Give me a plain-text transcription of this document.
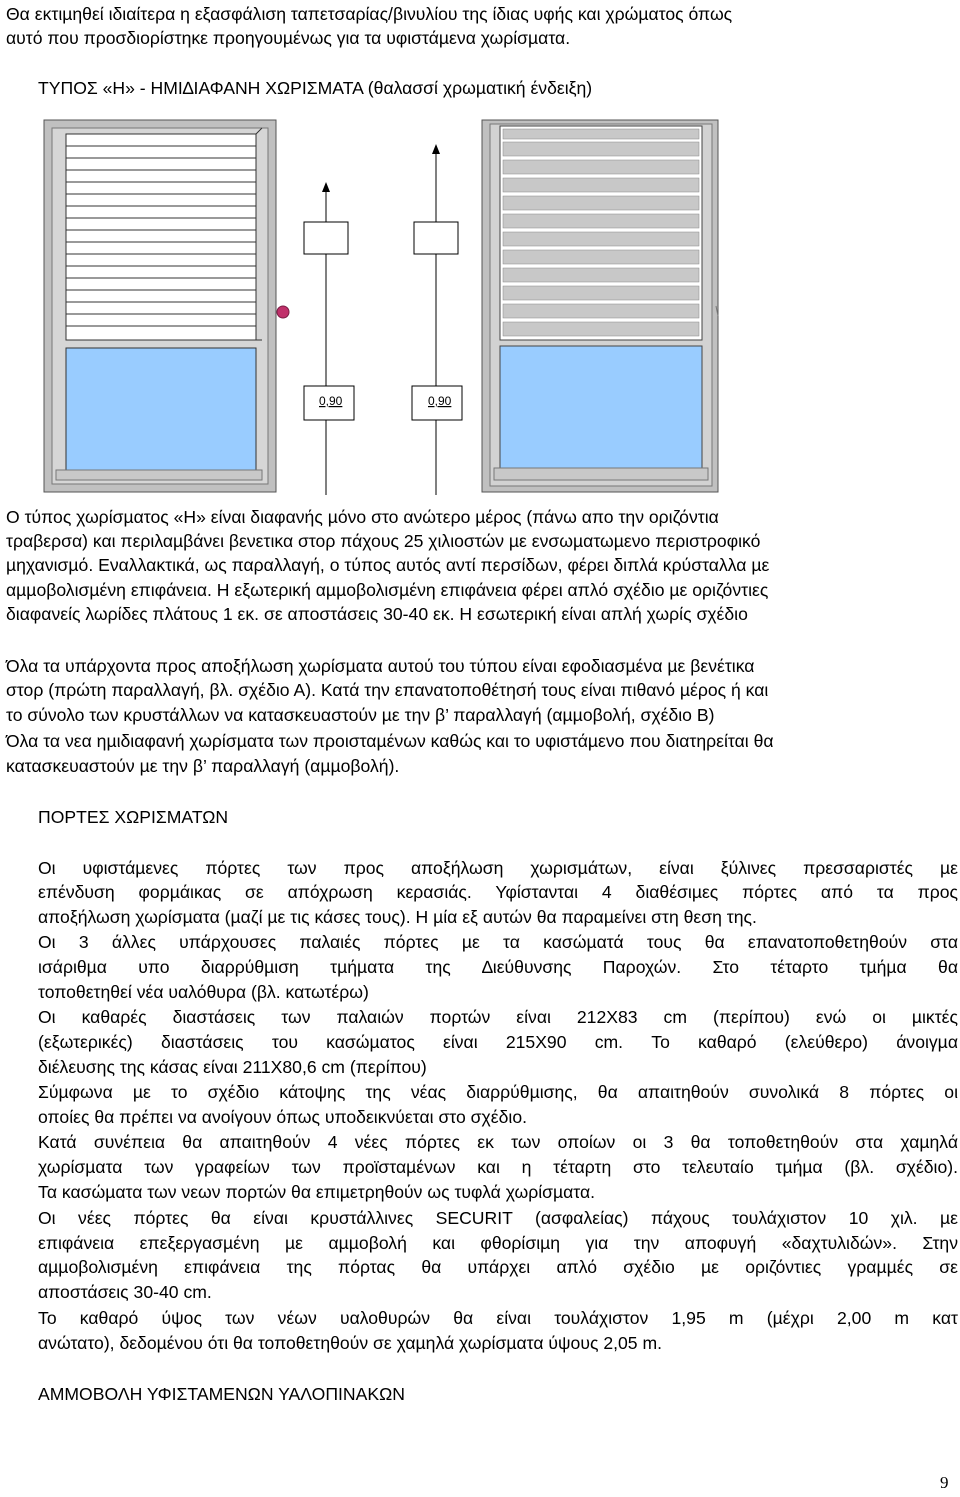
Θα εκτιµηθεί ιδιαίτερα η εξασφάλιση ταπετσαρίας/βινυλίου της ίδιας υφής και χρώµατος όπως
αυτό που προσδιορίστηκε προηγουµένως για τα υφιστάµενα χωρίσµατα.
ΤΥΠΟΣ «Η» - ΗΜΙ∆ΙΑΦΑΝΗ ΧΩΡΙΣΜΑΤΑ (θαλασσί χρωµατική ένδειξη)
0,90	0,90
Ο τύπος χωρίσµατος «Η» είναι διαφανής µόνο στο ανώτερο µέρος (πάνω απο την οριζόντια
τραβερσα) και περιλαµβάνει βενετικα στορ πάχους 25 χιλιοστών µε ενσωµατωµενο περιστροφικό
µηχανισµό. Εναλλακτικά, ως παραλλαγή, ο τύπος αυτός αντί περσίδων, φέρει διπλά κρύσταλλα µε
αµµοβολισµένη επιφάνεια. Η εξωτερική αµµοβολισµένη επιφάνεια φέρει απλό σχέδιο µε οριζόντιες
διαφανείς λωρίδες πλάτους 1 εκ. σε αποστάσεις 30-40 εκ. Η εσωτερική είναι απλή χωρίς σχέδιο
Όλα τα υπάρχοντα προς αποξήλωση χωρίσµατα αυτού του τύπου είναι εφοδιασµένα µε βενέτικα
στορ (πρώτη παραλλαγή, βλ. σχέδιο Α). Κατά την επανατοποθέτησή τους είναι πιθανό µέρος ή και
το σύνολο των κρυστάλλων να κατασκευαστούν µε την β’ παραλλαγή (αµµοβολή, σχέδιο Β)
Όλα τα νεα ηµιδιαφανή χωρίσµατα των προισταµένων καθώς και το υφιστάµενο που διατηρείται θα
κατασκευαστούν µε την β’ παραλλαγή (αµµοβολή).
ΠΟΡΤΕΣ ΧΩΡΙΣΜΑΤΩΝ
Οι υφιστάµενες πόρτες των προς αποξήλωση χωρισµάτων, είναι ξύλινες πρεσσαριστές µε
επένδυση φορµάικας σε απόχρωση κερασιάς. Υφίστανται 4 διαθέσιµες πόρτες από τα προς
αποξήλωση χωρίσµατα (µαζί µε τις κάσες τους). Η µία εξ αυτών θα παραµείνει στη θεση της.
Οι 3 άλλες υπάρχουσες παλαιές πόρτες µε τα κασώµατά τους θα επανατοποθετηθούν στα
ισάριθµα υπο διαρρύθµιση τµήµατα της ∆ιεύθυνσης Παροχών. Στο τέταρτο τµήµα θα
τοποθετηθεί νέα υαλόθυρα (βλ. κατωτέρω)
Οι καθαρές διαστάσεις των παλαιών πορτών είναι 212Χ83 cm (περίπου) ενώ οι µικτές
(εξωτερικές) διαστάσεις του κασώµατος είναι 215Χ90 cm. Το καθαρό (ελεύθερο) άνοιγµα
διέλευσης της κάσας είναι 211Χ80,6 cm (περίπου)
Σύµφωνα µε το σχέδιο κάτοψης της νέας διαρρύθµισης, θα απαιτηθούν συνολικά 8 πόρτες οι
οποίες θα πρέπει να ανοίγουν όπως υποδεικνύεται στο σχέδιο.
Κατά συνέπεια θα απαιτηθούν 4 νέες πόρτες εκ των οποίων οι 3 θα τοποθετηθούν στα χαµηλά
χωρίσµατα των γραφείων των προϊσταµένων και η τέταρτη στο τελευταίο τµήµα (βλ. σχέδιο).
Τα κασώµατα των νεων πορτών θα επιµετρηθούν ως τυφλά χωρίσµατα.
Οι νέες πόρτες θα είναι κρυστάλλινες SECURIT (ασφαλείας) πάχους τουλάχιστον 10 χιλ. µε
επιφάνεια επεξεργασµένη µε αµµοβολή και φθορίσιµη για την αποφυγή «δαχτυλιδών». Στην
αµµοβολισµένη επιφάνεια της πόρτας θα υπάρχει απλό σχέδιο µε οριζόντιες γραµµές σε
αποστάσεις 30-40 cm.
Το καθαρό ύψος των νέων υαλοθυρών θα είναι τουλάχιστον 1,95 m (µέχρι 2,00 m κατ
ανώτατο), δεδοµένου ότι θα τοποθετηθούν σε χαµηλά χωρίσµατα ύψους 2,05 m.
ΑΜΜΟΒΟΛΗ ΥΦΙΣΤΑΜΕΝΩΝ ΥΑΛΟΠΙΝΑΚΩΝ
9
